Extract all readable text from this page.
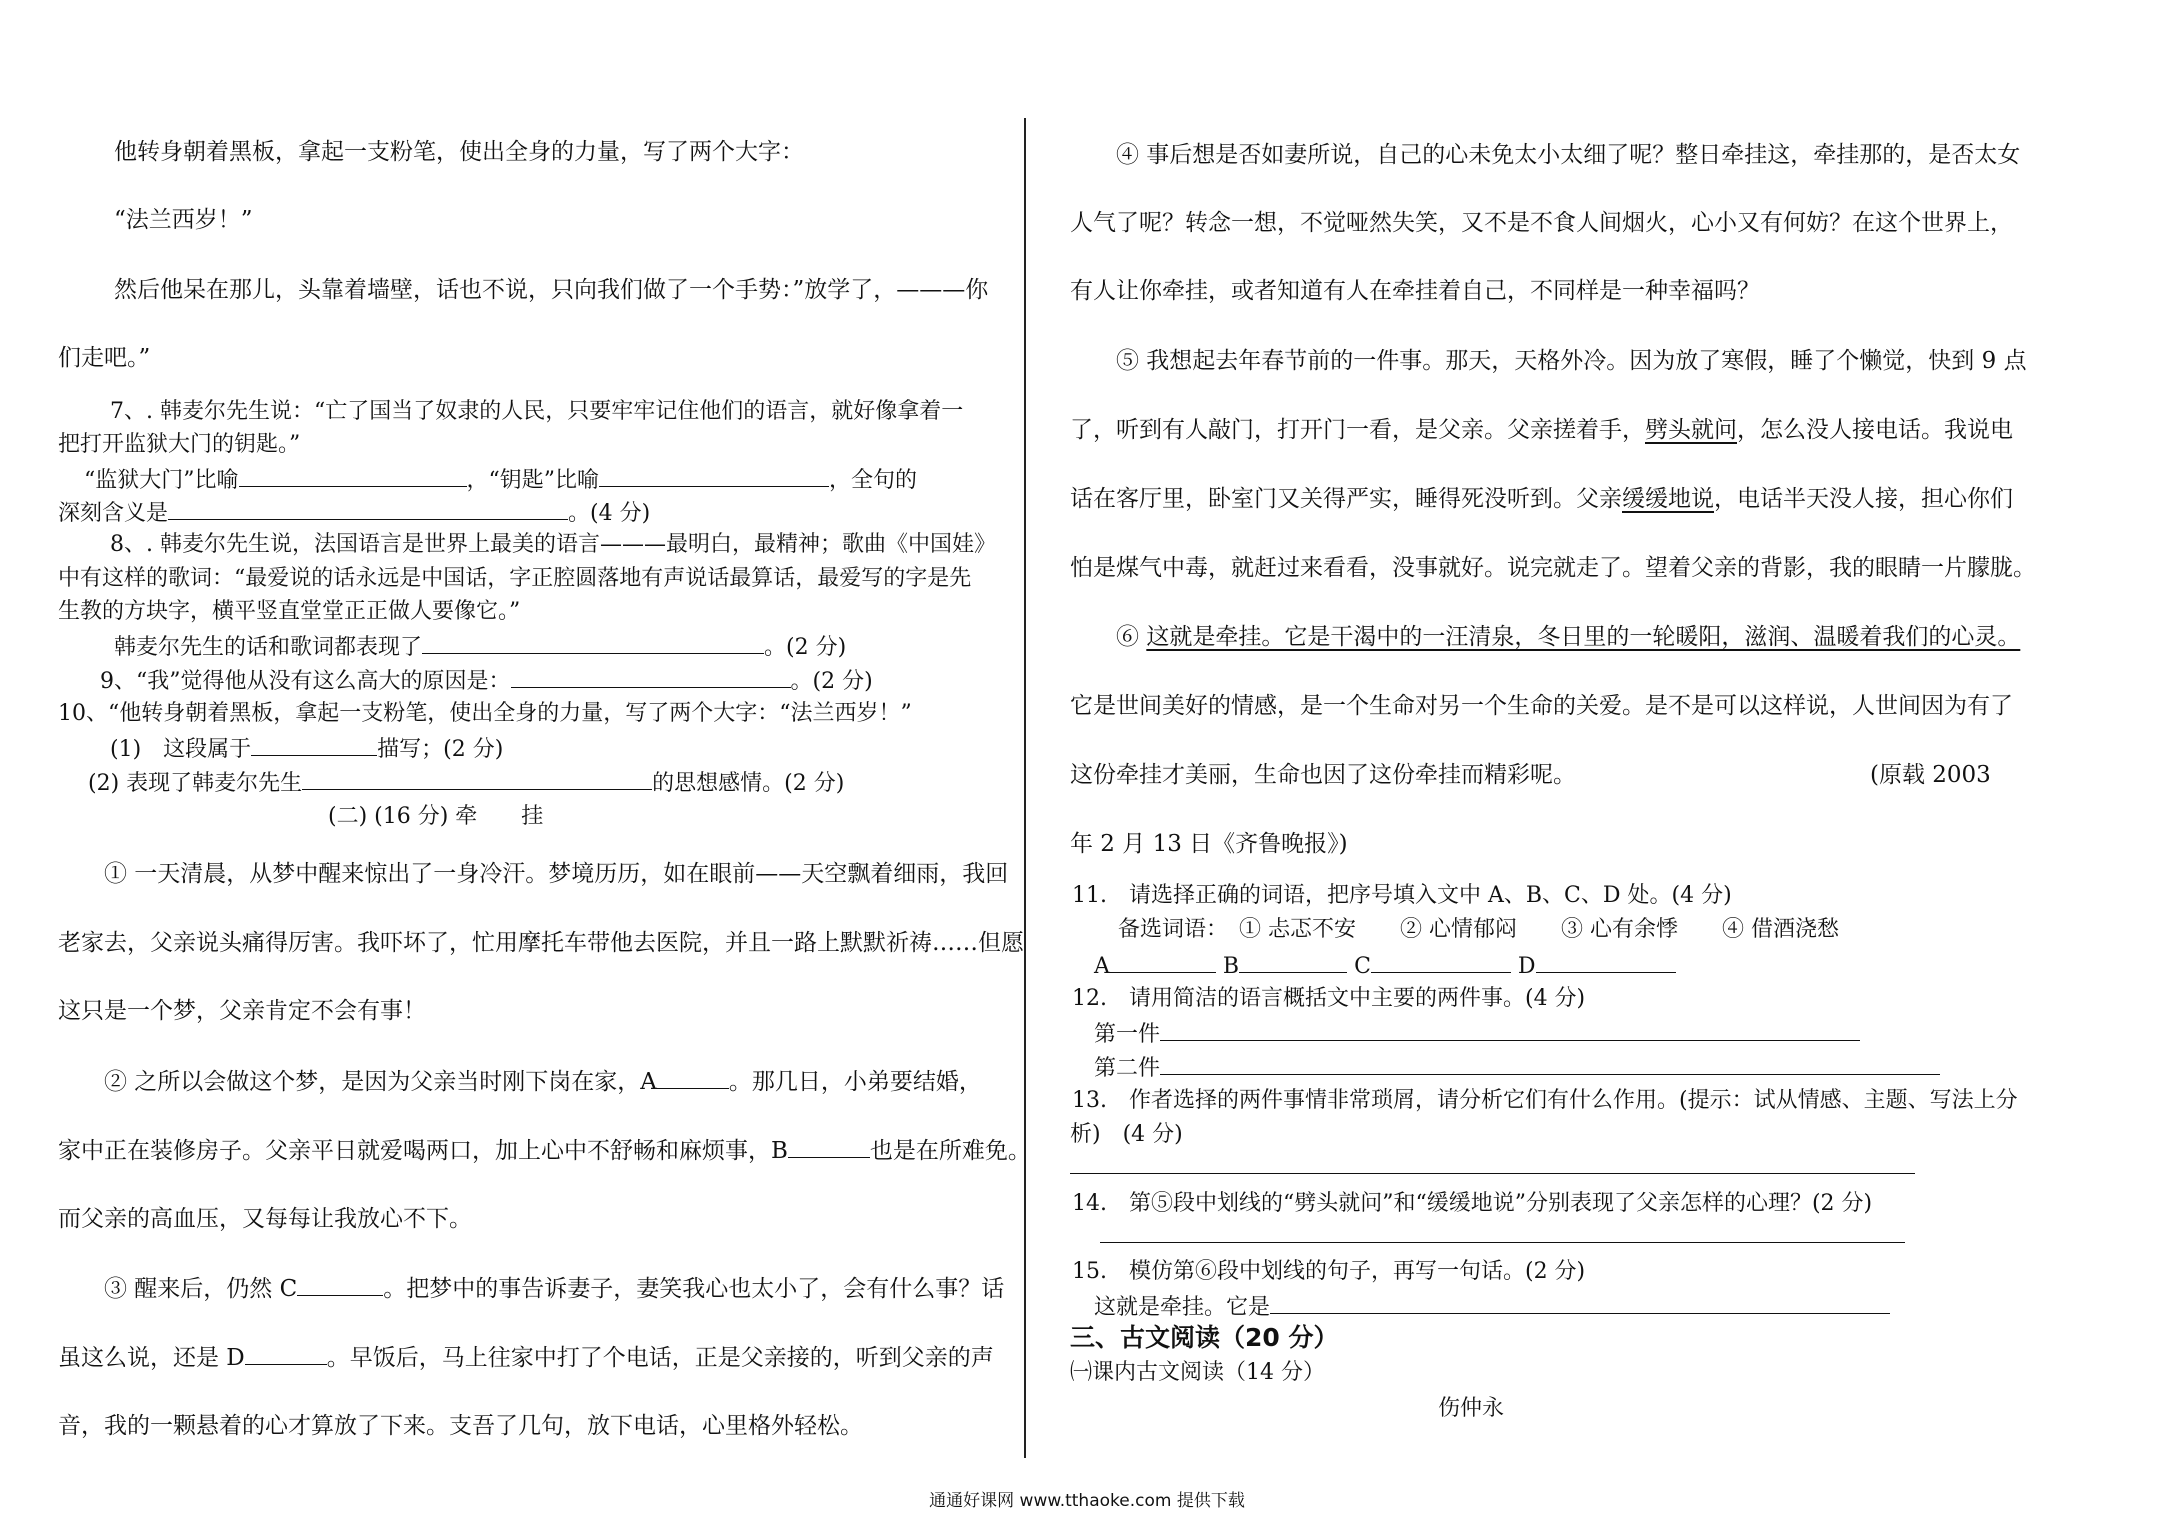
他转身朝着黑板，拿起一支粉笔，使出全身的力量，写了两个大字：
“法兰西岁！”
然后他呆在那儿，头靠着墙壁，话也不说，只向我们做了一个手势：”放学了，———你
们走吧。”
7、. 韩麦尔先生说：“亡了国当了奴隶的人民，只要牢牢记住他们的语言，就好像拿着一
把打开监狱大门的钥匙。”
“监狱大门”比喻	，“钥匙”比喻	，全句的
深刻含义是	。(4 分)
8、. 韩麦尔先生说，法国语言是世界上最美的语言———最明白，最精神；歌曲《中国娃》
中有这样的歌词：“最爱说的话永远是中国话，字正腔圆落地有声说话最算话，最爱写的字是先
生教的方块字，横平竖直堂堂正正做人要像它。”
韩麦尔先生的话和歌词都表现了	。(2 分)
9、“我”觉得他从没有这么高大的原因是：	。(2 分)
10、“他转身朝着黑板，拿起一支粉笔，使出全身的力量，写了两个大字：“法兰西岁！”
(1)　这段属于	描写；(2 分)
(2) 表现了韩麦尔先生	的思想感情。(2 分)
(二) (16 分) 牵　　挂
① 一天清晨，从梦中醒来惊出了一身冷汗。梦境历历，如在眼前——天空飘着细雨，我回
老家去，父亲说头痛得厉害。我吓坏了，忙用摩托车带他去医院，并且一路上默默祈祷……但愿
这只是一个梦，父亲肯定不会有事！
② 之所以会做这个梦，是因为父亲当时刚下岗在家，A	。那几日，小弟要结婚，
家中正在装修房子。父亲平日就爱喝两口，加上心中不舒畅和麻烦事，B	也是在所难免。
而父亲的高血压，又每每让我放心不下。
③ 醒来后，仍然 C	。把梦中的事告诉妻子，妻笑我心也太小了，会有什么事？话
虽这么说，还是 D	。早饭后，马上往家中打了个电话，正是父亲接的，听到父亲的声
音，我的一颗悬着的心才算放了下来。支吾了几句，放下电话，心里格外轻松。
④ 事后想是否如妻所说，自己的心未免太小太细了呢？整日牵挂这，牵挂那的，是否太女
人气了呢？转念一想，不觉哑然失笑，又不是不食人间烟火，心小又有何妨？在这个世界上，
有人让你牵挂，或者知道有人在牵挂着自己，不同样是一种幸福吗？
⑤ 我想起去年春节前的一件事。那天，天格外冷。因为放了寒假，睡了个懒觉，快到 9 点
了，听到有人敲门，打开门一看，是父亲。父亲搓着手，劈头就问，怎么没人接电话。我说电
话在客厅里，卧室门又关得严实，睡得死没听到。父亲缓缓地说，电话半天没人接，担心你们
怕是煤气中毒，就赶过来看看，没事就好。说完就走了。望着父亲的背影，我的眼睛一片朦胧。
⑥ 这就是牵挂。它是干渴中的一汪清泉，冬日里的一轮暖阳，滋润、温暖着我们的心灵。
它是世间美好的情感，是一个生命对另一个生命的关爱。是不是可以这样说，人世间因为有了
这份牵挂才美丽，生命也因了这份牵挂而精彩呢。	(原载 2003
年 2 月 13 日《齐鲁晚报》)
11.　请选择正确的词语，把序号填入文中 A、B、C、D 处。(4 分)
备选词语：　① 忐忑不安　　② 心情郁闷　　③ 心有余悸　　④ 借酒浇愁
A	B	C	D
12.　请用简洁的语言概括文中主要的两件事。(4 分)
第一件
第二件
13.　作者选择的两件事情非常琐屑，请分析它们有什么作用。(提示：试从情感、主题、写法上分
析)　(4 分)
14.　第⑤段中划线的“劈头就问”和“缓缓地说”分别表现了父亲怎样的心理？(2 分)
15.　模仿第⑥段中划线的句子，再写一句话。(2 分)
这就是牵挂。它是
三、古文阅读（20 分）
㈠课内古文阅读（14 分）
伤仲永
通通好课网 www.tthaoke.com 提供下载
